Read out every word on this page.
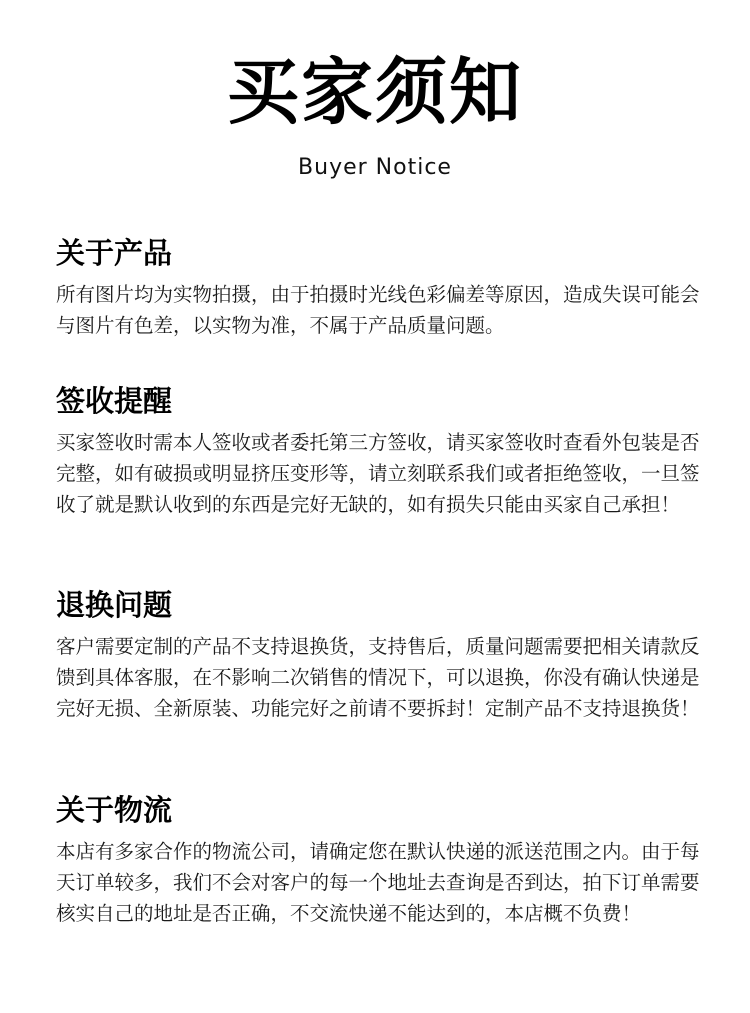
买家须知
Buyer Notice
关于产品

所有图片均为实物拍摄，由于拍摄时光线色彩偏差等原因，造成失误可能会与图片有色差，以实物为准，不属于产品质量问题。

签收提醒

买家签收时需本人签收或者委托第三方签收，请买家签收时查看外包装是否完整，如有破损或明显挤压变形等，请立刻联系我们或者拒绝签收，一旦签收了就是默认收到的东西是完好无缺的，如有损失只能由买家自己承担！

退换问题

客户需要定制的产品不支持退换货，支持售后，质量问题需要把相关请款反馈到具体客服，在不影响二次销售的情况下，可以退换，你没有确认快递是完好无损、全新原装、功能完好之前请不要拆封！定制产品不支持退换货！

关于物流

本店有多家合作的物流公司，请确定您在默认快递的派送范围之内。由于每天订单较多，我们不会对客户的每一个地址去查询是否到达，拍下订单需要核实自己的地址是否正确，不交流快递不能达到的，本店概不负费！
